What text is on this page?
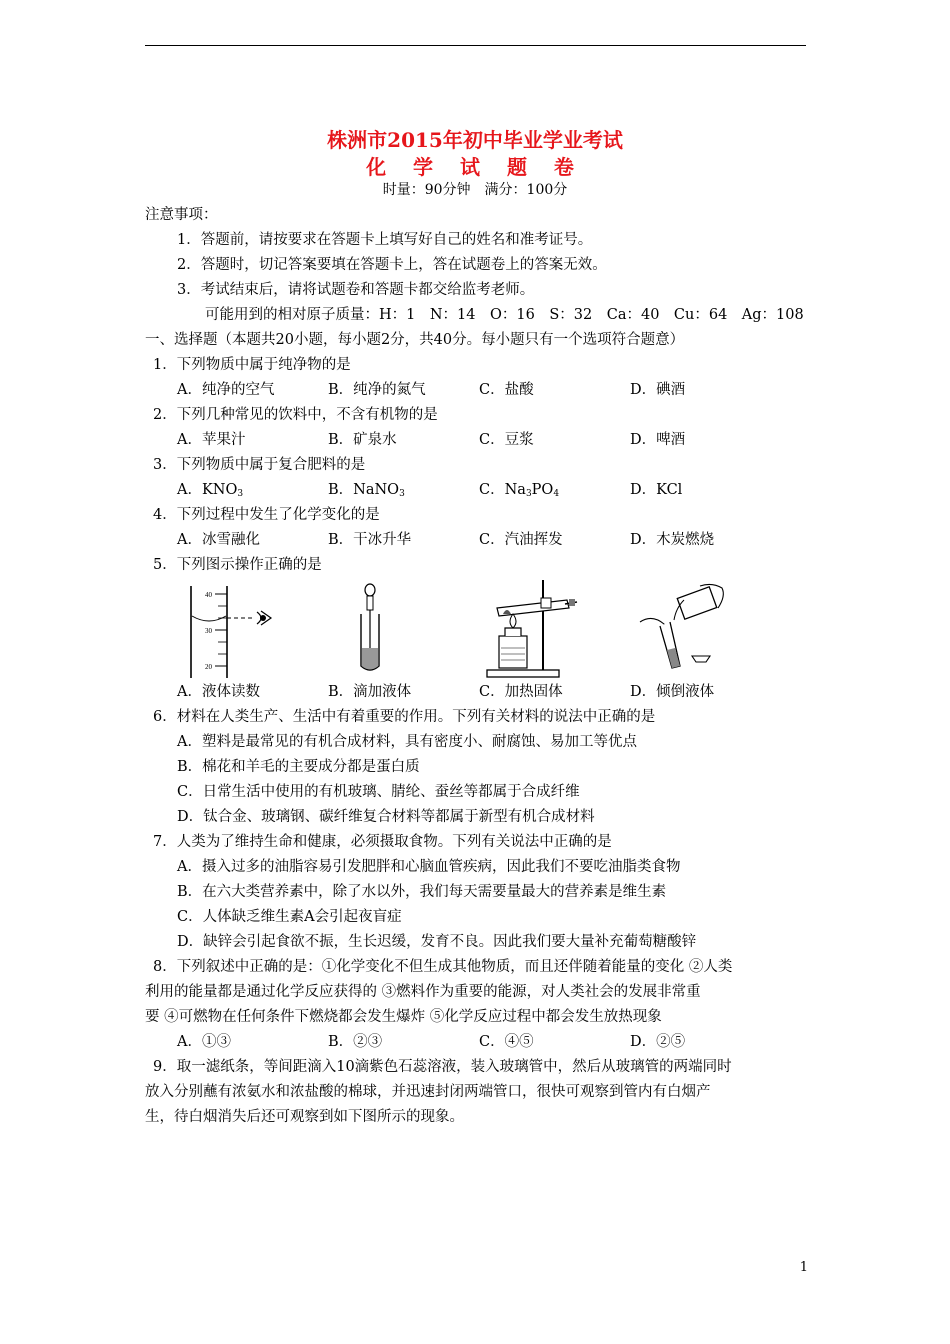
株洲市2015年初中毕业学业考试
化 学 试 题 卷
时量：90分钟　满分：100分
注意事项：
1．答题前，请按要求在答题卡上填写好自己的姓名和准考证号。
2．答题时，切记答案要填在答题卡上，答在试题卷上的答案无效。
3．考试结束后，请将试题卷和答题卡都交给监考老师。
可能用到的相对原子质量：H：1　N：14　O：16　S：32　Ca：40　Cu：64　Ag：108
一、选择题（本题共20小题，每小题2分，共40分。每小题只有一个选项符合题意）
1．下列物质中属于纯净物的是
A．纯净的空气	B．纯净的氮气	C．盐酸	D．碘酒
2．下列几种常见的饮料中，不含有机物的是
A．苹果汁	B．矿泉水	C．豆浆	D．啤酒
3．下列物质中属于复合肥料的是
A．$KNO_3$	B．NaNO$_3$	C．$Na_3PO_4$	D．KCl
4．下列过程中发生了化学变化的是
A．冰雪融化	B．干冰升华	C．汽油挥发	D．木炭燃烧
5．下列图示操作正确的是
40
30
20
A．液体读数	B．滴加液体	C．加热固体	D．倾倒液体
6．材料在人类生产、生活中有着重要的作用。下列有关材料的说法中正确的是
A．塑料是最常见的有机合成材料，具有密度小、耐腐蚀、易加工等优点
B．棉花和羊毛的主要成分都是蛋白质
C．日常生活中使用的有机玻璃、腈纶、蚕丝等都属于合成纤维
D．钛合金、玻璃钢、碳纤维复合材料等都属于新型有机合成材料
7．人类为了维持生命和健康，必须摄取食物。下列有关说法中正确的是
A．摄入过多的油脂容易引发肥胖和心脑血管疾病，因此我们不要吃油脂类食物
B．在六大类营养素中，除了水以外，我们每天需要量最大的营养素是维生素
C．人体缺乏维生素A会引起夜盲症
D．缺锌会引起食欲不振，生长迟缓，发育不良。因此我们要大量补充葡萄糖酸锌
8．下列叙述中正确的是：①化学变化不但生成其他物质，而且还伴随着能量的变化 ②人类
利用的能量都是通过化学反应获得的 ③燃料作为重要的能源，对人类社会的发展非常重
要 ④可燃物在任何条件下燃烧都会发生爆炸 ⑤化学反应过程中都会发生放热现象
A．①③	B．②③	C．④⑤	D．②⑤
9．取一滤纸条，等间距滴入10滴紫色石蕊溶液，装入玻璃管中，然后从玻璃管的两端同时
放入分别蘸有浓氨水和浓盐酸的棉球，并迅速封闭两端管口，很快可观察到管内有白烟产
生，待白烟消失后还可观察到如下图所示的现象。
1
